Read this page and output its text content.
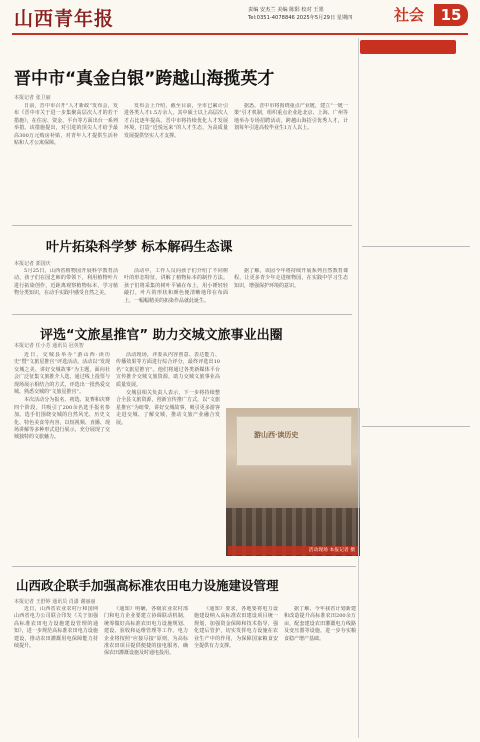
山西青年报	责编 安杰兰 美编 陈阳 校对 王墨
Tel:0351-4078846 2025年5月29日 星期四	社会	15
晋中市“真金白银”跨越山海揽英才
本报记者 张卫丽

日前，晋中市召开“人才新政”发布会，发布《晋中市关于进一步集聚高层次人才的若干措施》，在住房、资金、平台等方面出台一系列举措。该措施提出，对引进的顶尖人才给予最高300万元购房补贴，对青年人才提供生活补贴和人才公寓保障。

发布会上介绍，截至目前，全市已累计引进各类人才1.5万余人，其中硕士以上高层次人才占比逐年提高。晋中市将持续优化人才发展环境，打造“近悦远来”的人才生态，为高质量发展提供坚实人才支撑。

据悉，晋中市将围绕重点产业链，建立“一链一策”引才机制，组织重点企业赴北京、上海、广州等地举办专场招聘活动，跨越山海招引优秀人才，计划每年引进高校毕业生1万人以上。

叶片拓染科学梦 标本解码生态课
本报记者 郭国庆

5月25日，山西省植物园开展科学教育活动，孩子们在园艺师的带领下，利用植物叶片进行拓染创作，近距离观察植物标本，学习植物分类知识，在动手实践中感受自然之美。

活动中，工作人员向孩子们介绍了不同树叶的形态特征，讲解了植物标本的制作方法。孩子们将采集的树叶平铺在布上，用小锤轻轻敲打，叶片的形状和颜色便清晰地印在布面上，一幅幅精美的拓染作品就此诞生。

据了解，该园今年将持续开展系列自然教育课程，让更多青少年走进植物园，在实践中学习生态知识，增强保护环境的意识。

评选“文旅星推官” 助力交城文旅事业出圈
本报记者 任小芳 通讯员 冠英智

近日，交城县举办“游山西·读历史”暨“文旅星推官”评选活动。活动以“发现交城之美、讲好交城故事”为主题，面向社会广泛征集文旅推介人选，通过线上投票与现场展示相结合的方式，评选出一批热爱交城、熟悉交城的“文旅星推官”。

本次活动分为报名、初选、复赛和决赛四个阶段，共吸引了200余名选手报名参加。选手们围绕交城的自然风光、历史文化、特色美食等内容，以短视频、直播、现场讲解等多种形式进行展示，充分展现了交城独特的文旅魅力。

活动现场，评委从内容创意、表达能力、传播效果等方面进行综合评分，最终评选出10名“文旅星推官”。他们将通过各类新媒体平台宣传推介交城文旅资源，助力交城文旅事业高质量发展。

交城县相关负责人表示，下一步将持续整合全县文旅资源，创新宣传推广方式，以“文旅星推官”为纽带，讲好交城故事，吸引更多游客走进交城、了解交城，推动文旅产业融合发展。

游山西·读历史
活动现场 本报记者 摄
山西政企联手加强高标准农田电力设施建设管理
本报记者 王舒婷 通讯员 肖潇 谢丽丽

近日，山西省农业农村厅和国网山西省电力公司联合印发《关于加强高标准农田电力设施建设管理的通知》，进一步规范高标准农田电力设施建设，推动农田灌溉用电保障能力持续提升。

《通知》明确，各级农业农村部门和电力企业要建立协调联动机制，统筹做好高标准农田电力设施规划、建设、验收和运维管理等工作。电力企业将按照“应接尽接”原则，为高标准农田项目提供便捷的接电服务，确保农田灌溉设施及时通电投用。

《通知》要求，各地要将电力设施建设纳入高标准农田建设项目统一规划，加强资金保障和技术指导，强化建后管护，切实发挥电力设施在农业生产中的作用，为保障国家粮食安全提供有力支撑。

据了解，今年我省计划新建和改造提升高标准农田200余万亩，配套建设农田灌溉电力线路及变压器等设施，进一步夯实粮食稳产增产基础。
